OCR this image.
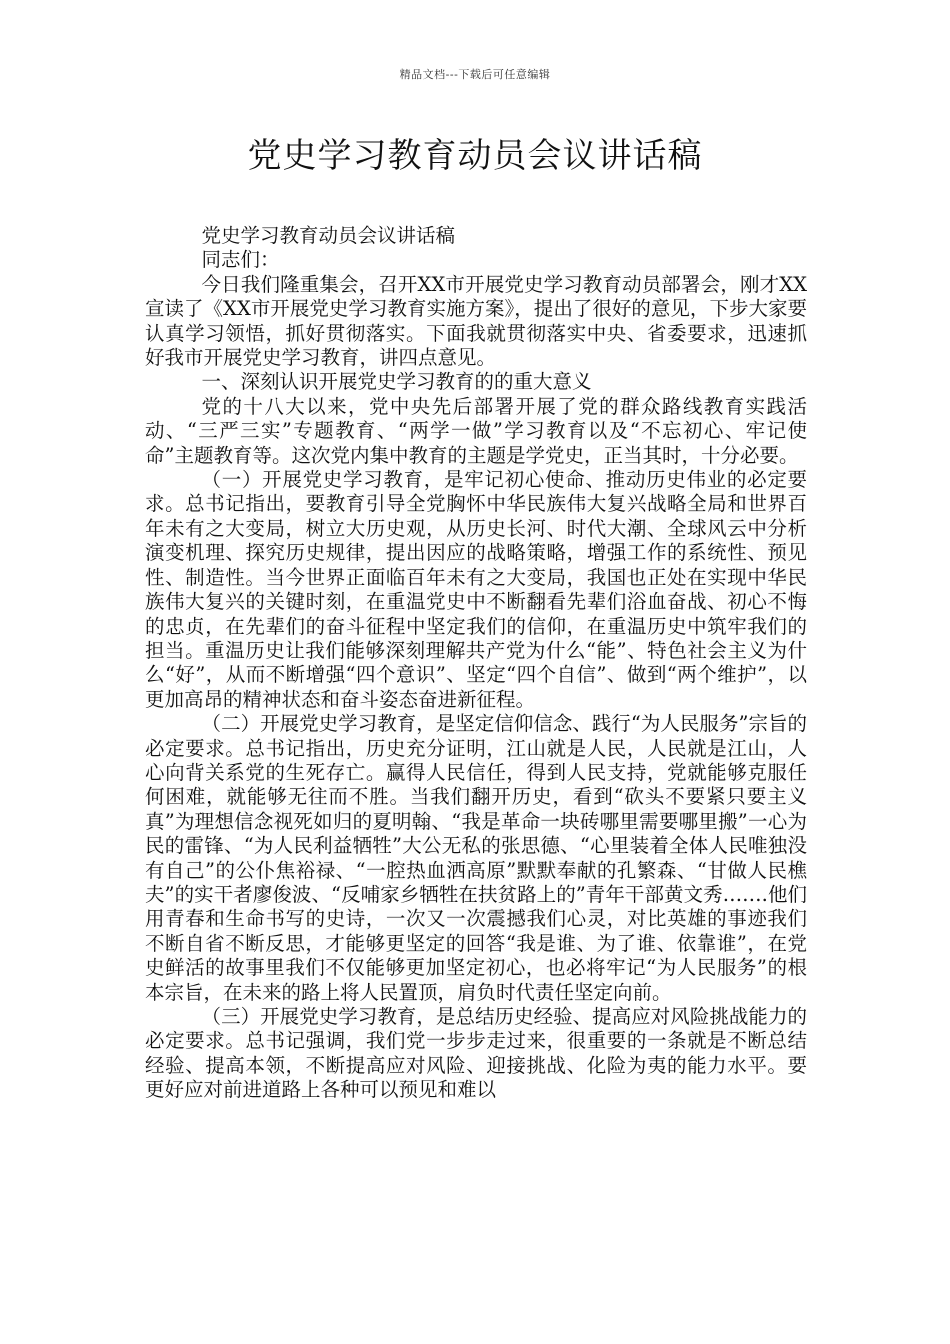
精品文档---下载后可任意编辑
党史学习教育动员会议讲话稿

党史学习教育动员会议讲话稿

同志们：

今日我们隆重集会，召开XX市开展党史学习教育动员部署会，刚才XX宣读了《XX市开展党史学习教育实施方案》，提出了很好的意见，下步大家要认真学习领悟，抓好贯彻落实。下面我就贯彻落实中央、省委要求，迅速抓好我市开展党史学习教育，讲四点意见。

一、深刻认识开展党史学习教育的的重大意义

党的十八大以来，党中央先后部署开展了党的群众路线教育实践活动、“三严三实”专题教育、“两学一做”学习教育以及“不忘初心、牢记使命”主题教育等。这次党内集中教育的主题是学党史，正当其时，十分必要。

（一）开展党史学习教育，是牢记初心使命、推动历史伟业的必定要求。总书记指出，要教育引导全党胸怀中华民族伟大复兴战略全局和世界百年未有之大变局，树立大历史观，从历史长河、时代大潮、全球风云中分析演变机理、探究历史规律，提出因应的战略策略，增强工作的系统性、预见性、制造性。当今世界正面临百年未有之大变局，我国也正处在实现中华民族伟大复兴的关键时刻，在重温党史中不断翻看先辈们浴血奋战、初心不悔的忠贞，在先辈们的奋斗征程中坚定我们的信仰，在重温历史中筑牢我们的担当。重温历史让我们能够深刻理解共产党为什么“能”、特色社会主义为什么“好”，从而不断增强“四个意识”、坚定“四个自信”、做到“两个维护”，以更加高昂的精神状态和奋斗姿态奋进新征程。

（二）开展党史学习教育，是坚定信仰信念、践行“为人民服务”宗旨的必定要求。总书记指出，历史充分证明，江山就是人民，人民就是江山，人心向背关系党的生死存亡。赢得人民信任，得到人民支持，党就能够克服任何困难，就能够无往而不胜。当我们翻开历史，看到“砍头不要紧只要主义真”为理想信念视死如归的夏明翰、“我是革命一块砖哪里需要哪里搬”一心为民的雷锋、“为人民利益牺牲”大公无私的张思德、“心里装着全体人民唯独没有自己”的公仆焦裕禄、“一腔热血洒高原”默默奉献的孔繁森、“甘做人民樵夫”的实干者廖俊波、“反哺家乡牺牲在扶贫路上的”青年干部黄文秀…….他们用青春和生命书写的史诗，一次又一次震撼我们心灵，对比英雄的事迹我们不断自省不断反思，才能够更坚定的回答“我是谁、为了谁、依靠谁”，在党史鲜活的故事里我们不仅能够更加坚定初心，也必将牢记“为人民服务”的根本宗旨，在未来的路上将人民置顶，肩负时代责任坚定向前。

（三）开展党史学习教育，是总结历史经验、提高应对风险挑战能力的必定要求。总书记强调，我们党一步步走过来，很重要的一条就是不断总结经验、提高本领，不断提高应对风险、迎接挑战、化险为夷的能力水平。要更好应对前进道路上各种可以预见和难以
